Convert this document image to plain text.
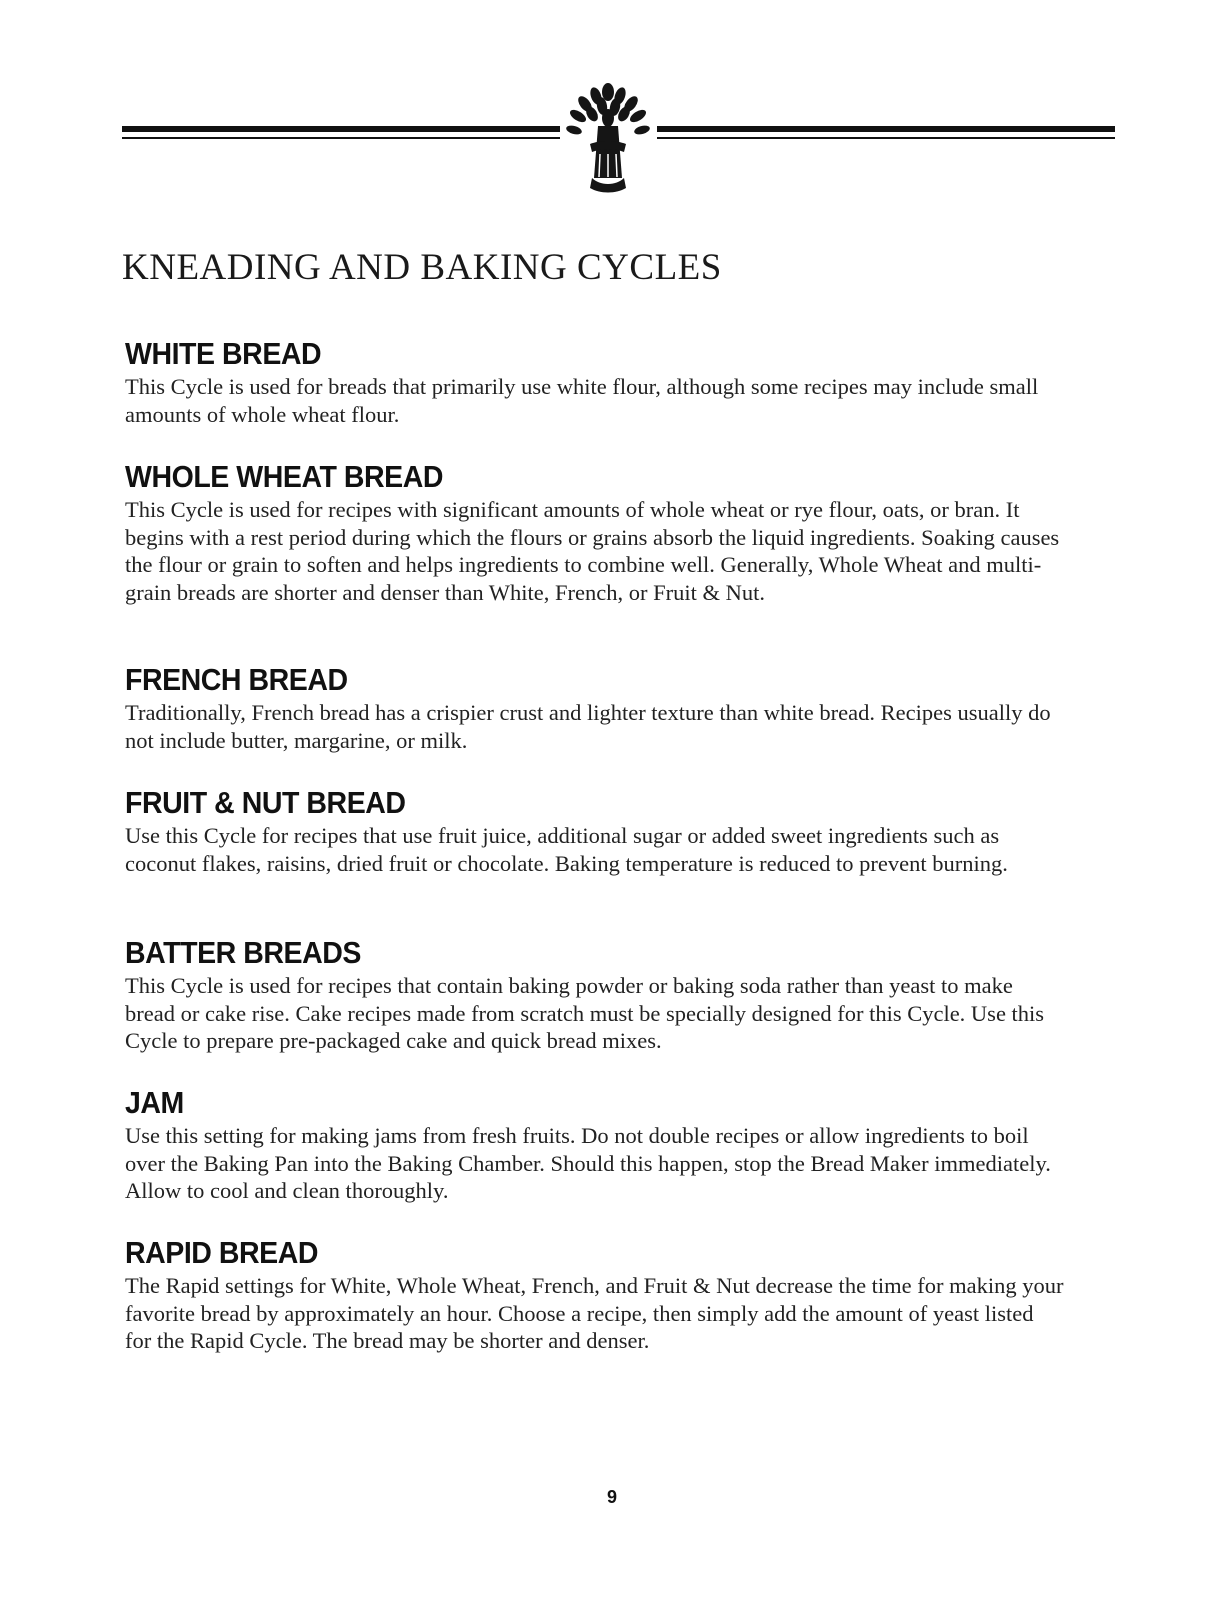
KNEADING AND BAKING CYCLES
WHITE BREAD

This Cycle is used for breads that primarily use white flour, although some recipes may include small amounts of whole wheat flour.

WHOLE WHEAT BREAD

This Cycle is used for recipes with significant amounts of whole wheat or rye flour, oats, or bran. It begins with a rest period during which the flours or grains absorb the liquid ingredients. Soaking causes the flour or grain to soften and helps ingredients to combine well. Generally, Whole Wheat and multi-grain breads are shorter and denser than White, French, or Fruit & Nut.

FRENCH BREAD

Traditionally, French bread has a crispier crust and lighter texture than white bread. Recipes usually do not include butter, margarine, or milk.

FRUIT & NUT BREAD

Use this Cycle for recipes that use fruit juice, additional sugar or added sweet ingredients such as coconut flakes, raisins, dried fruit or chocolate. Baking temperature is reduced to prevent burning.

BATTER BREADS

This Cycle is used for recipes that contain baking powder or baking soda rather than yeast to make bread or cake rise. Cake recipes made from scratch must be specially designed for this Cycle. Use this Cycle to prepare pre-packaged cake and quick bread mixes.

JAM

Use this setting for making jams from fresh fruits. Do not double recipes or allow ingredients to boil over the Baking Pan into the Baking Chamber. Should this happen, stop the Bread Maker immediately. Allow to cool and clean thoroughly.

RAPID BREAD

The Rapid settings for White, Whole Wheat, French, and Fruit & Nut decrease the time for making your favorite bread by approximately an hour. Choose a recipe, then simply add the amount of yeast listed for the Rapid Cycle. The bread may be shorter and denser.

9
